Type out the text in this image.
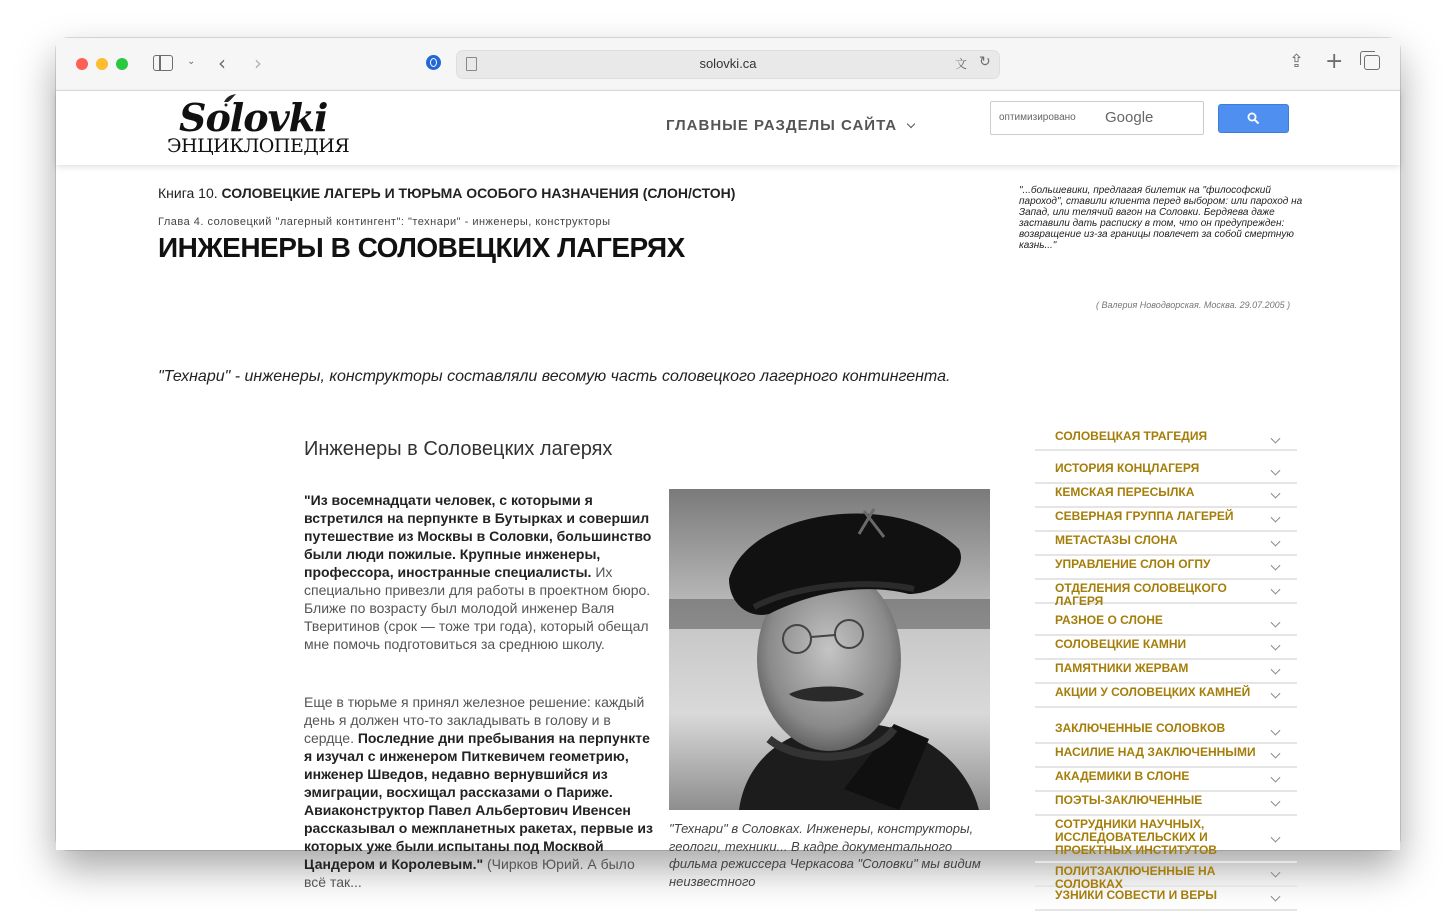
⌄ ‹ ›	solovki.ca	文 ↻	⇪ +
Solovki
ЭНЦИКЛОПЕДИЯ
ГЛАВНЫЕ РАЗДЕЛЫ САЙТА	оптимизировано Google
Книга 10. СОЛОВЕЦКИЕ ЛАГЕРЬ И ТЮРЬМА ОСОБОГО НАЗНАЧЕНИЯ (СЛОН/СТОН)
Глава 4. соловецкий "лагерный контингент": "технари" - инженеры, конструкторы
ИНЖЕНЕРЫ В СОЛОВЕЦКИХ ЛАГЕРЯХ
"...большевики, предлагая билетик на "философский пароход", ставили клиента перед выбором: или пароход на Запад, или телячий вагон на Соловки. Бердяева даже заставили дать расписку в том, что он предупрежден: возвращение из-за границы повлечет за собой смертную казнь..."
( Валерия Новодворская. Москва. 29.07.2005 )
"Технари" - инженеры, конструкторы составляли весомую часть соловецкого лагерного контингента.
Инженеры в Соловецких лагерях
"Из восемнадцати человек, с которыми я встретился на перпункте в Бутырках и совершил путешествие из Москвы в Соловки, большинство были люди пожилые. Крупные инженеры, профессора, иностранные специалисты. Их специально привезли для работы в проектном бюро. Ближе по возрасту был молодой инженер Валя Тверитинов (срок — тоже три года), который обещал мне помочь подготовиться за среднюю школу.
Еще в тюрьме я принял железное решение: каждый день я должен что-то закладывать в голову и в сердце. Последние дни пребывания на перпункте я изучал с инженером Питкевичем геометрию, инженер Шведов, недавно вернувшийся из эмиграции, восхищал рассказами о Париже. Авиаконструктор Павел Альбертович Ивенсен рассказывал о межпланетных ракетах, первые из которых уже были испытаны под Москвой Цандером и Королевым." (Чирков Юрий. А было всё так...
"Технари" в Соловках. Инженеры, конструкторы, геологи, техники... В кадре документального фильма режиссера Черкасова "Соловки" мы видим неизвестного
СОЛОВЕЦКАЯ ТРАГЕДИЯ
ИСТОРИЯ КОНЦЛАГЕРЯ
КЕМСКАЯ ПЕРЕСЫЛКА
СЕВЕРНАЯ ГРУППА ЛАГЕРЕЙ
МЕТАСТАЗЫ СЛОНА
УПРАВЛЕНИЕ СЛОН ОГПУ
ОТДЕЛЕНИЯ СОЛОВЕЦКОГО ЛАГЕРЯ
РАЗНОЕ О СЛОНЕ
СОЛОВЕЦКИЕ КАМНИ
ПАМЯТНИКИ ЖЕРВАМ
АКЦИИ У СОЛОВЕЦКИХ КАМНЕЙ
ЗАКЛЮЧЕННЫЕ СОЛОВКОВ
НАСИЛИЕ НАД ЗАКЛЮЧЕННЫМИ
АКАДЕМИКИ В СЛОНЕ
ПОЭТЫ-ЗАКЛЮЧЕННЫЕ
СОТРУДНИКИ НАУЧНЫХ, ИССЛЕДОВАТЕЛЬСКИХ И ПРОЕКТНЫХ ИНСТИТУТОВ
ПОЛИТЗАКЛЮЧЕННЫЕ НА СОЛОВКАХ
УЗНИКИ СОВЕСТИ И ВЕРЫ
